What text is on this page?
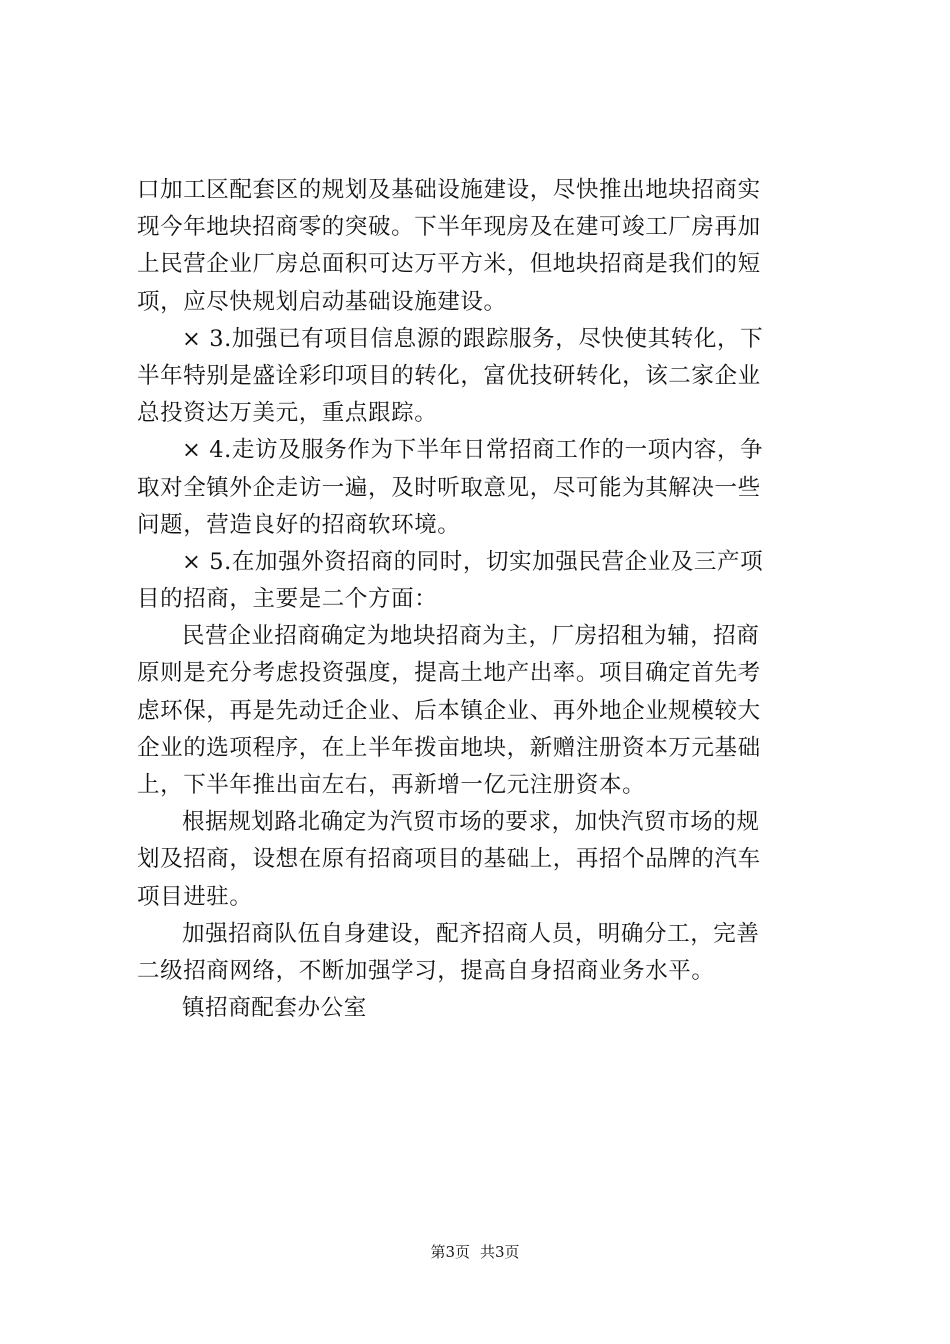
口加工区配套区的规划及基础设施建设，尽快推出地块招商实
现今年地块招商零的突破。下半年现房及在建可竣工厂房再加
上民营企业厂房总面积可达万平方米，但地块招商是我们的短
项，应尽快规划启动基础设施建设。
× 3.加强已有项目信息源的跟踪服务，尽快使其转化，下
半年特别是盛诠彩印项目的转化，富优技研转化，该二家企业
总投资达万美元，重点跟踪。
× 4.走访及服务作为下半年日常招商工作的一项内容，争
取对全镇外企走访一遍，及时听取意见，尽可能为其解决一些
问题，营造良好的招商软环境。
× 5.在加强外资招商的同时，切实加强民营企业及三产项
目的招商，主要是二个方面：
民营企业招商确定为地块招商为主，厂房招租为辅，招商
原则是充分考虑投资强度，提高土地产出率。项目确定首先考
虑环保，再是先动迁企业、后本镇企业、再外地企业规模较大
企业的选项程序，在上半年拨亩地块，新赠注册资本万元基础
上，下半年推出亩左右，再新增一亿元注册资本。
根据规划路北确定为汽贸市场的要求，加快汽贸市场的规
划及招商，设想在原有招商项目的基础上，再招个品牌的汽车
项目进驻。
加强招商队伍自身建设，配齐招商人员，明确分工，完善
二级招商网络，不断加强学习，提高自身招商业务水平。
镇招商配套办公室
第3页 共3页
